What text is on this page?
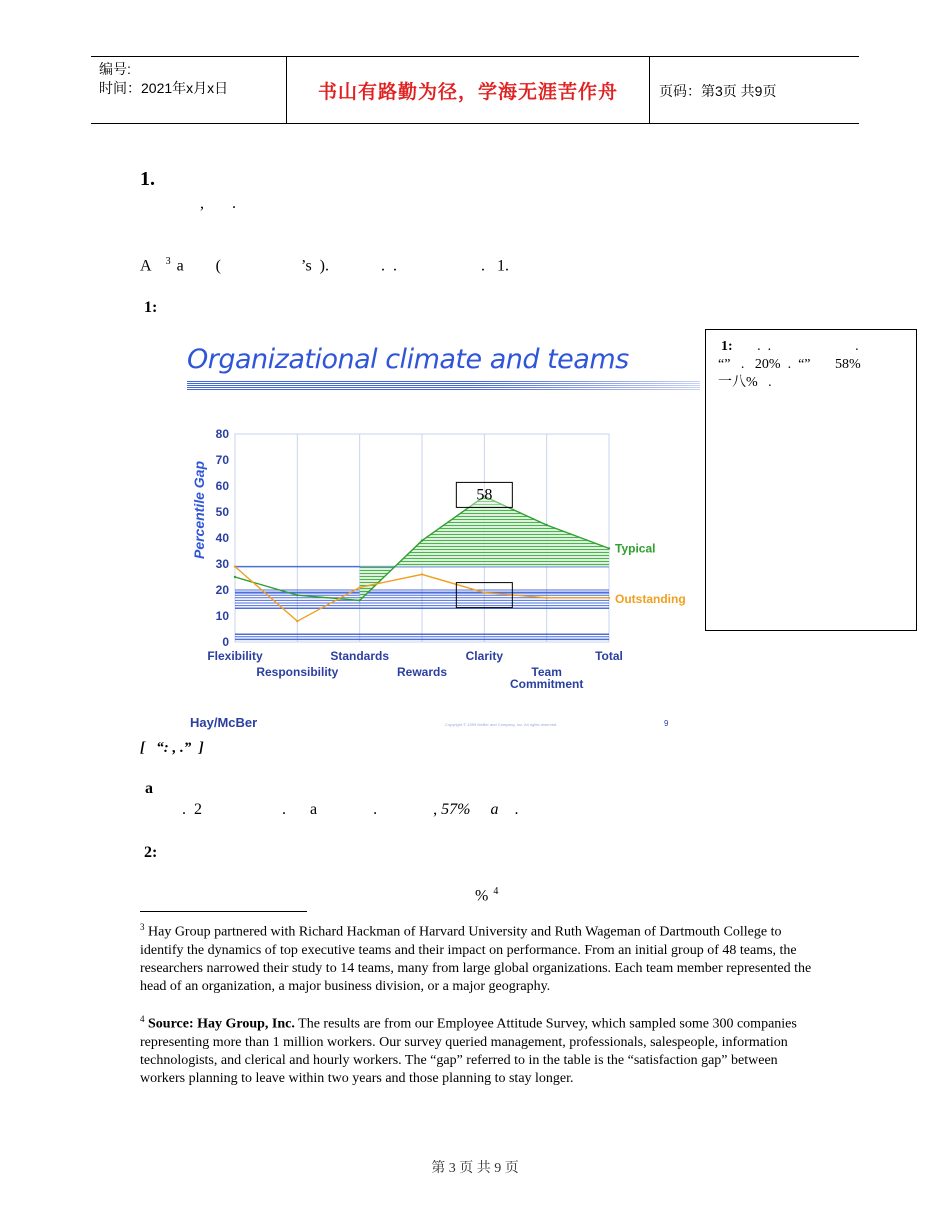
编号:
时间：2021年x月x日	书山有路勤为径，学海无涯苦作舟	页码：第3页 共9页
1.
,       .
A $^3$ a        (                    ’s  ).             .  .                     .   1.
1:
Organizational climate and teams
0
10
20
30
40
50
60
70
80
Flexibility
Responsibility
Standards
Rewards
Clarity
Team
Commitment
Total
Typical
Outstanding
58
Percentile Gap
Hay/McBer	Copyright © 1999 McBer and Company, Inc. All rights reserved.	9
1:       .  .                        .
“”   .   20%  .  “”       58%
一八%   .
[   “: , .”  ]
a
.  2                    .      a              .              , 57% a .
2:
% $^4$
$^3$ Hay Group partnered with Richard Hackman of Harvard University and Ruth Wageman of Dartmouth College to identify the dynamics of top executive teams and their impact on performance. From an initial group of 48 teams, the researchers narrowed their study to 14 teams, many from large global organizations. Each team member represented the head of an organization, a major business division, or a major geography.
$^4$ Source: Hay Group, Inc. The results are from our Employee Attitude Survey, which sampled some 300 companies representing more than 1 million workers. Our survey queried management, professionals, salespeople, information technologists, and clerical and hourly workers. The “gap” referred to in the table is the “satisfaction gap” between workers planning to leave within two years and those planning to stay longer.
第 3 页 共 9 页
